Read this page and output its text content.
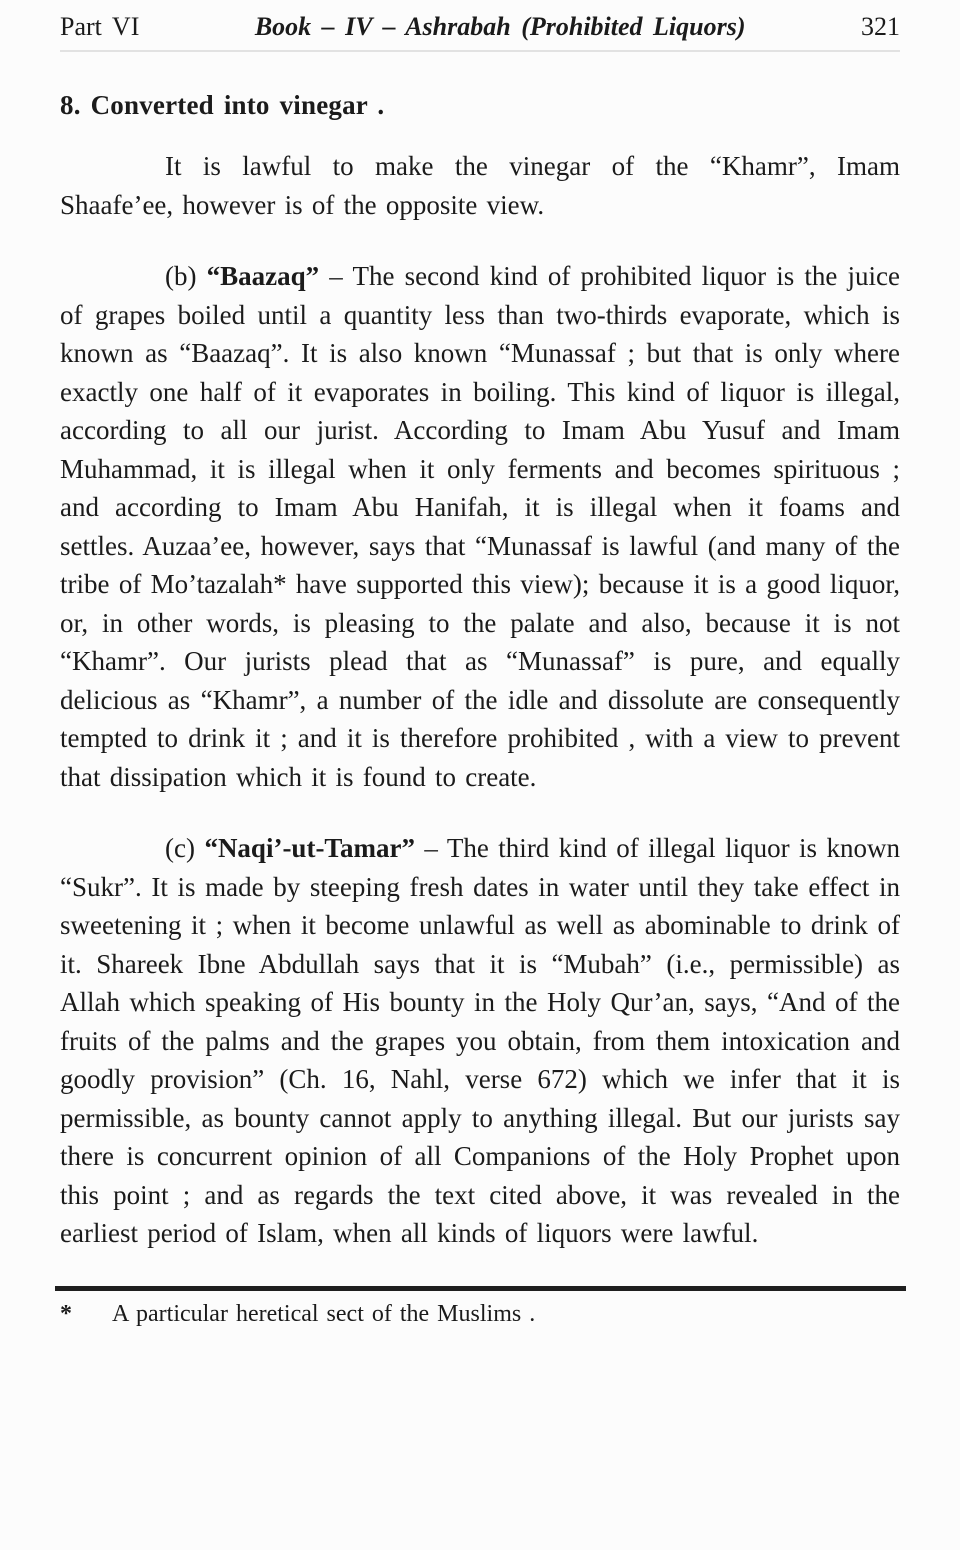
Part VI	Book – IV – Ashrabah (Prohibited Liquors)	321
8. Converted into vinegar .

It is lawful to make the vinegar of the “Khamr”, Imam Shaafe’ee, however is of the opposite view.

(b) “Baazaq” – The second kind of prohibited liquor is the juice of grapes boiled until a quantity less than two-thirds evaporate, which is known as “Baazaq”. It is also known “Munassaf ; but that is only where exactly one half of it evaporates in boiling. This kind of liquor is illegal, according to all our jurist. According to Imam Abu Yusuf and Imam Muhammad, it is illegal when it only ferments and becomes spirituous ; and according to Imam Abu Hanifah, it is illegal when it foams and settles. Auzaa’ee, however, says that “Munassaf is lawful (and many of the tribe of Mo’tazalah* have supported this view); because it is a good liquor, or, in other words, is pleasing to the palate and also, because it is not “Khamr”. Our jurists plead that as “Munassaf” is pure, and equally delicious as “Khamr”, a number of the idle and dissolute are consequently tempted to drink it ; and it is therefore prohibited , with a view to prevent that dissipation which it is found to create.

(c) “Naqi’-ut-Tamar” – The third kind of illegal liquor is known “Sukr”. It is made by steeping fresh dates in water until they take effect in sweetening it ; when it become unlawful as well as abominable to drink of it. Shareek Ibne Abdullah says that it is “Mubah” (i.e., permissible) as Allah which speaking of His bounty in the Holy Qur’an, says, “And of the fruits of the palms and the grapes you obtain, from them intoxication and goodly provision” (Ch. 16, Nahl, verse 672) which we infer that it is permissible, as bounty cannot apply to anything illegal. But our jurists say there is concurrent opinion of all Companions of the Holy Prophet upon this point ; and as regards the text cited above, it was revealed in the earliest period of Islam, when all kinds of liquors were lawful.

*	A particular heretical sect of the Muslims .
